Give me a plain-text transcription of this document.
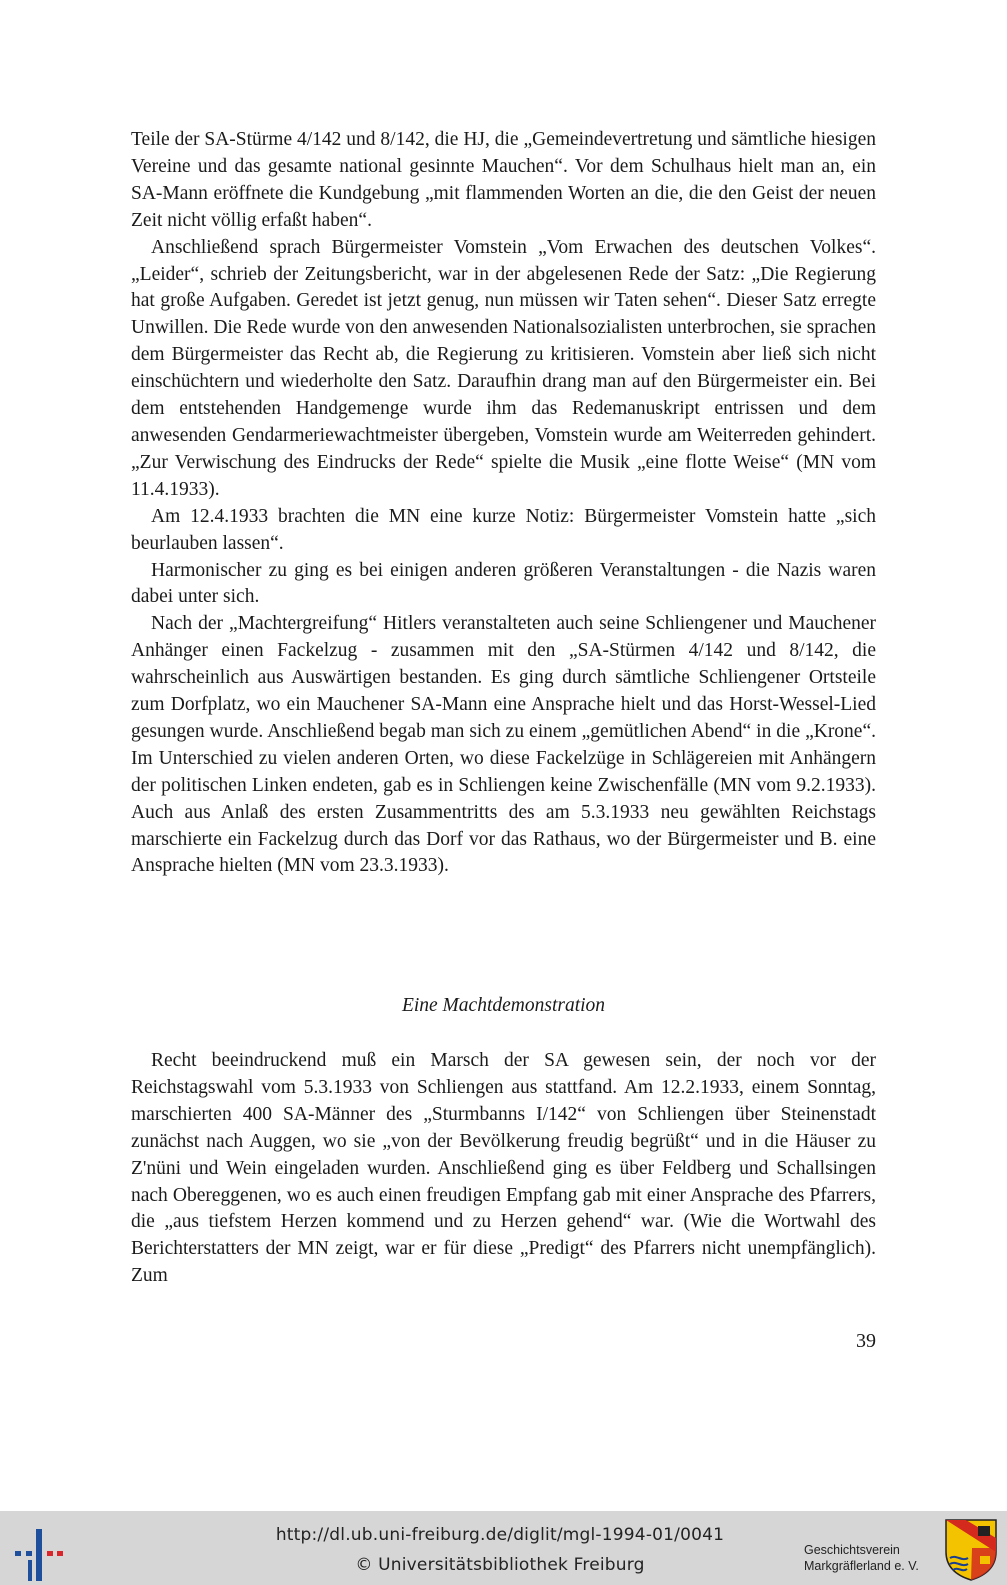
Teile der SA-Stürme 4/142 und 8/142, die HJ, die „Gemeindevertretung und sämtliche hiesigen Vereine und das gesamte national gesinnte Mauchen“. Vor dem Schulhaus hielt man an, ein SA-Mann eröffnete die Kundgebung „mit flammenden Worten an die, die den Geist der neuen Zeit nicht völlig erfaßt haben“.

Anschließend sprach Bürgermeister Vomstein „Vom Erwachen des deutschen Volkes“. „Leider“, schrieb der Zeitungsbericht, war in der abgelesenen Rede der Satz: „Die Regierung hat große Aufgaben. Geredet ist jetzt genug, nun müssen wir Taten sehen“. Dieser Satz erregte Unwillen. Die Rede wurde von den anwesenden Nationalsozialisten unterbrochen, sie sprachen dem Bürgermeister das Recht ab, die Regierung zu kritisieren. Vomstein aber ließ sich nicht einschüchtern und wiederholte den Satz. Daraufhin drang man auf den Bürgermeister ein. Bei dem entstehenden Handgemenge wurde ihm das Redemanuskript entrissen und dem anwesenden Gendarmeriewachtmeister übergeben, Vomstein wurde am Weiterreden gehindert. „Zur Verwischung des Eindrucks der Rede“ spielte die Musik „eine flotte Weise“ (MN vom 11.4.1933).

Am 12.4.1933 brachten die MN eine kurze Notiz: Bürgermeister Vomstein hatte „sich beurlauben lassen“.

Harmonischer zu ging es bei einigen anderen größeren Veranstaltungen - die Nazis waren dabei unter sich.

Nach der „Machtergreifung“ Hitlers veranstalteten auch seine Schliengener und Mauchener Anhänger einen Fackelzug - zusammen mit den „SA-Stürmen 4/142 und 8/142, die wahrscheinlich aus Auswärtigen bestanden. Es ging durch sämtliche Schliengener Ortsteile zum Dorfplatz, wo ein Mauchener SA-Mann eine Ansprache hielt und das Horst-Wessel-Lied gesungen wurde. Anschließend begab man sich zu einem „gemütlichen Abend“ in die „Krone“. Im Unterschied zu vielen anderen Orten, wo diese Fackelzüge in Schlägereien mit Anhängern der politischen Linken endeten, gab es in Schliengen keine Zwischenfälle (MN vom 9.2.1933). Auch aus Anlaß des ersten Zusammentritts des am 5.3.1933 neu gewählten Reichstags marschierte ein Fackelzug durch das Dorf vor das Rathaus, wo der Bürgermeister und B. eine Ansprache hielten (MN vom 23.3.1933).

Eine Machtdemonstration

Recht beeindruckend muß ein Marsch der SA gewesen sein, der noch vor der Reichstagswahl vom 5.3.1933 von Schliengen aus stattfand. Am 12.2.1933, einem Sonntag, marschierten 400 SA-Männer des „Sturmbanns I/142“ von Schliengen über Steinenstadt zunächst nach Auggen, wo sie „von der Bevölkerung freudig begrüßt“ und in die Häuser zu Z'nüni und Wein eingeladen wurden. Anschließend ging es über Feldberg und Schallsingen nach Obereggenen, wo es auch einen freudigen Empfang gab mit einer Ansprache des Pfarrers, die „aus tiefstem Herzen kommend und zu Herzen gehend“ war. (Wie die Wortwahl des Berichterstatters der MN zeigt, war er für diese „Predigt“ des Pfarrers nicht unempfänglich). Zum

39
http://dl.ub.uni-freiburg.de/diglit/mgl-1994-01/0041
© Universitätsbibliothek Freiburg
Geschichtsverein
Markgräflerland e. V.
